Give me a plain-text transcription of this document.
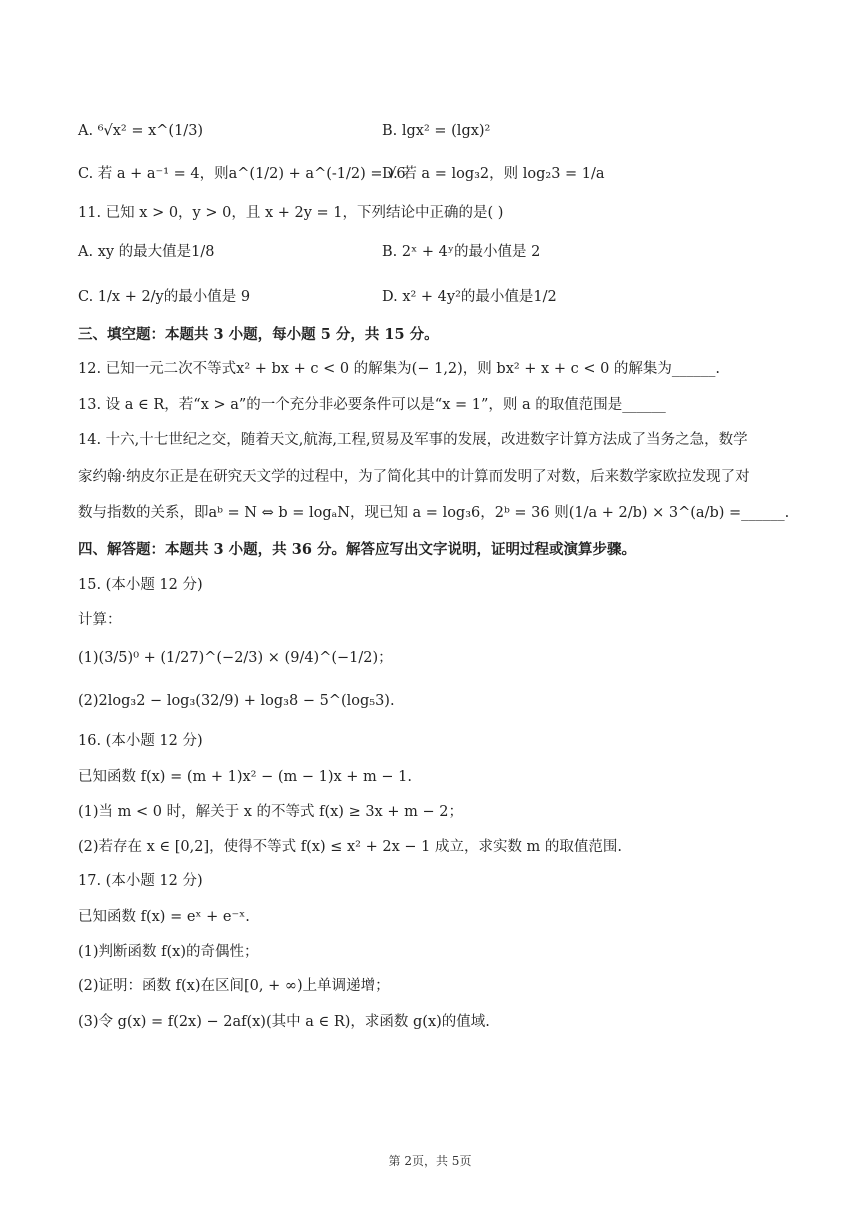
A. ⁶√x² = x^(1/3)	B. lgx² = (lgx)²
C. 若 a + a⁻¹ = 4，则a^(1/2) + a^(-1/2) = √6
D. 若 a = log₃2，则 log₂3 = 1/a
11. 已知 x > 0，y > 0，且 x + 2y = 1，下列结论中正确的是( )
A. xy 的最大值是1/8	B. 2ˣ + 4ʸ的最小值是 2
C. 1/x + 2/y的最小值是 9	D. x² + 4y²的最小值是1/2
三、填空题：本题共 3 小题，每小题 5 分，共 15 分。
12. 已知一元二次不等式x² + bx + c < 0 的解集为(− 1,2)，则 bx² + x + c < 0 的解集为______.
13. 设 a ∈ R，若“x > a”的一个充分非必要条件可以是“x = 1”，则 a 的取值范围是______
14. 十六,十七世纪之交，随着天文,航海,工程,贸易及军事的发展，改进数字计算方法成了当务之急，数学
家约翰·纳皮尔正是在研究天文学的过程中，为了简化其中的计算而发明了对数，后来数学家欧拉发现了对
数与指数的关系，即aᵇ = N ⇔ b = logₐN，现已知 a = log₃6，2ᵇ = 36 则(1/a + 2/b) × 3^(a/b) =______.
四、解答题：本题共 3 小题，共 36 分。解答应写出文字说明，证明过程或演算步骤。
15. (本小题 12 分)
计算：
(1)(3/5)⁰ + (1/27)^(−2/3) × (9/4)^(−1/2)；
(2)2log₃2 − log₃(32/9) + log₃8 − 5^(log₅3).
16. (本小题 12 分)
已知函数 f(x) = (m + 1)x² − (m − 1)x + m − 1.
(1)当 m < 0 时，解关于 x 的不等式 f(x) ≥ 3x + m − 2；
(2)若存在 x ∈ [0,2]，使得不等式 f(x) ≤ x² + 2x − 1 成立，求实数 m 的取值范围.
17. (本小题 12 分)
已知函数 f(x) = eˣ + e⁻ˣ.
(1)判断函数 f(x)的奇偶性；
(2)证明：函数 f(x)在区间[0, + ∞)上单调递增；
(3)令 g(x) = f(2x) − 2af(x)(其中 a ∈ R)，求函数 g(x)的值域.
第 2页，共 5页
